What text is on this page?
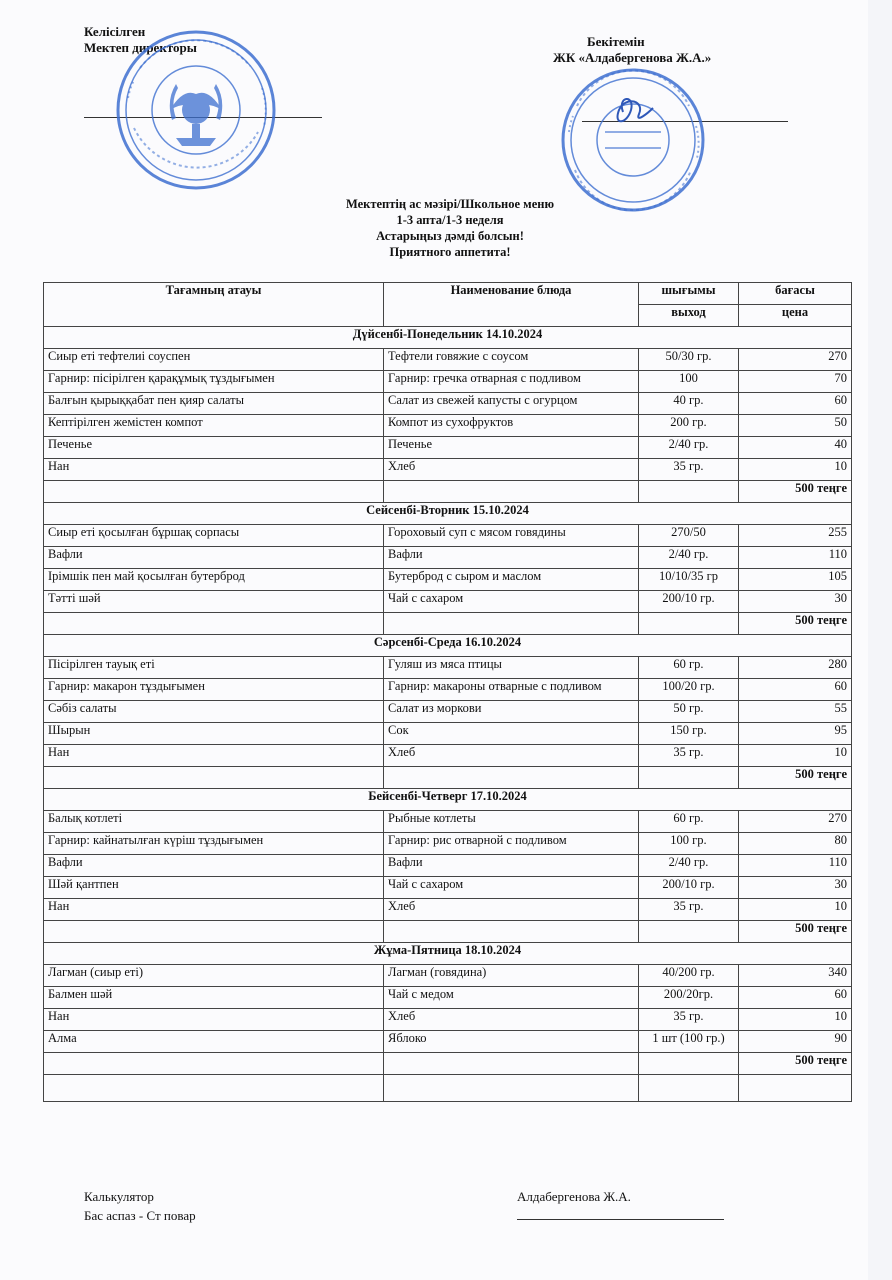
Келісілген
Мектеп директоры	Бекітемін
ЖК «Алдабергенова Ж.А.»
Мектептің ас мәзірі/Школьное меню
1-3 апта/1-3 неделя
Астарыңыз дәмді болсын!
Приятного аппетита!
Тағамның атауы	Наименование блюда	шығымы	бағасы
		выход	цена
Дүйсенбі-Понедельник 14.10.2024			
Сиыр еті тефтелиі соуспен	Тефтели говяжие с соусом	50/30 гр.	270
Гарнир: пісірілген қарақұмық тұздығымен	Гарнир: гречка отварная с подливом	100	70
Балғын қырыққабат пен қияр салаты	Салат из свежей капусты с огурцом	40 гр.	60
Кептірілген жемістен компот	Компот из сухофруктов	200 гр.	50
Печенье	Печенье	2/40 гр.	40
Нан	Хлеб	35 гр.	10
			500 теңге
Сейсенбі-Вторник 15.10.2024			
Сиыр еті қосылған бұршақ сорпасы	Гороховый суп с мясом говядины	270/50	255
Вафли	Вафли	2/40 гр.	110
Ірімшік пен май қосылған бутерброд	Бутерброд с сыром и маслом	10/10/35 гр	105
Тәтті шәй	Чай с сахаром	200/10 гр.	30
			500 теңге
Сәрсенбі-Среда 16.10.2024			
Пісірілген тауық еті	Гуляш из мяса птицы	60 гр.	280
Гарнир: макарон тұздығымен	Гарнир: макароны отварные с подливом	100/20 гр.	60
Сәбіз салаты	Салат из моркови	50 гр.	55
Шырын	Сок	150 гр.	95
Нан	Хлеб	35 гр.	10
			500 теңге
Бейсенбі-Четверг 17.10.2024			
Балық котлеті	Рыбные котлеты	60 гр.	270
Гарнир: кайнатылған күріш тұздығымен	Гарнир: рис отварной с подливом	100 гр.	80
Вафли	Вафли	2/40 гр.	110
Шәй қантпен	Чай с сахаром	200/10 гр.	30
Нан	Хлеб	35 гр.	10
			500 теңге
Жұма-Пятница 18.10.2024			
Лагман (сиыр еті)	Лагман (говядина)	40/200 гр.	340
Балмен шәй	Чай с медом	200/20гр.	60
Нан	Хлеб	35 гр.	10
Алма	Яблоко	1 шт (100 гр.)	90
			500 теңге

Калькулятор
Бас аспаз - Ст повар
Алдабергенова Ж.А.
